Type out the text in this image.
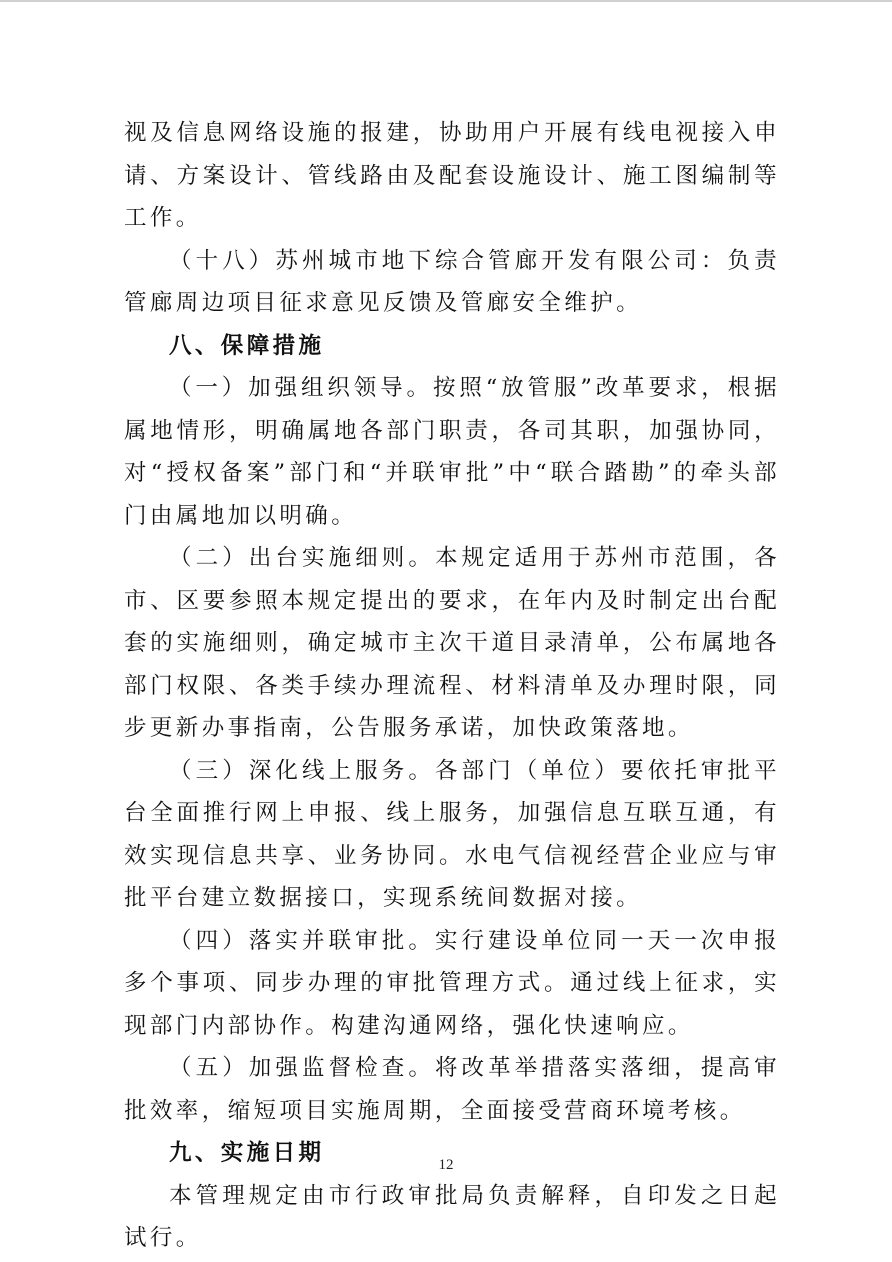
视及信息网络设施的报建，协助用户开展有线电视接入申请、方案设计、管线路由及配套设施设计、施工图编制等工作。

（十八）苏州城市地下综合管廊开发有限公司：负责管廊周边项目征求意见反馈及管廊安全维护。

八、保障措施

（一）加强组织领导。按照“放管服”改革要求，根据属地情形，明确属地各部门职责，各司其职，加强协同，对“授权备案”部门和“并联审批”中“联合踏勘”的牵头部门由属地加以明确。

（二）出台实施细则。本规定适用于苏州市范围，各市、区要参照本规定提出的要求，在年内及时制定出台配套的实施细则，确定城市主次干道目录清单，公布属地各部门权限、各类手续办理流程、材料清单及办理时限，同步更新办事指南，公告服务承诺，加快政策落地。

（三）深化线上服务。各部门（单位）要依托审批平台全面推行网上申报、线上服务，加强信息互联互通，有效实现信息共享、业务协同。水电气信视经营企业应与审批平台建立数据接口，实现系统间数据对接。

（四）落实并联审批。实行建设单位同一天一次申报多个事项、同步办理的审批管理方式。通过线上征求，实现部门内部协作。构建沟通网络，强化快速响应。

（五）加强监督检查。将改革举措落实落细，提高审批效率，缩短项目实施周期，全面接受营商环境考核。

九、实施日期

本管理规定由市行政审批局负责解释，自印发之日起试行。

12
